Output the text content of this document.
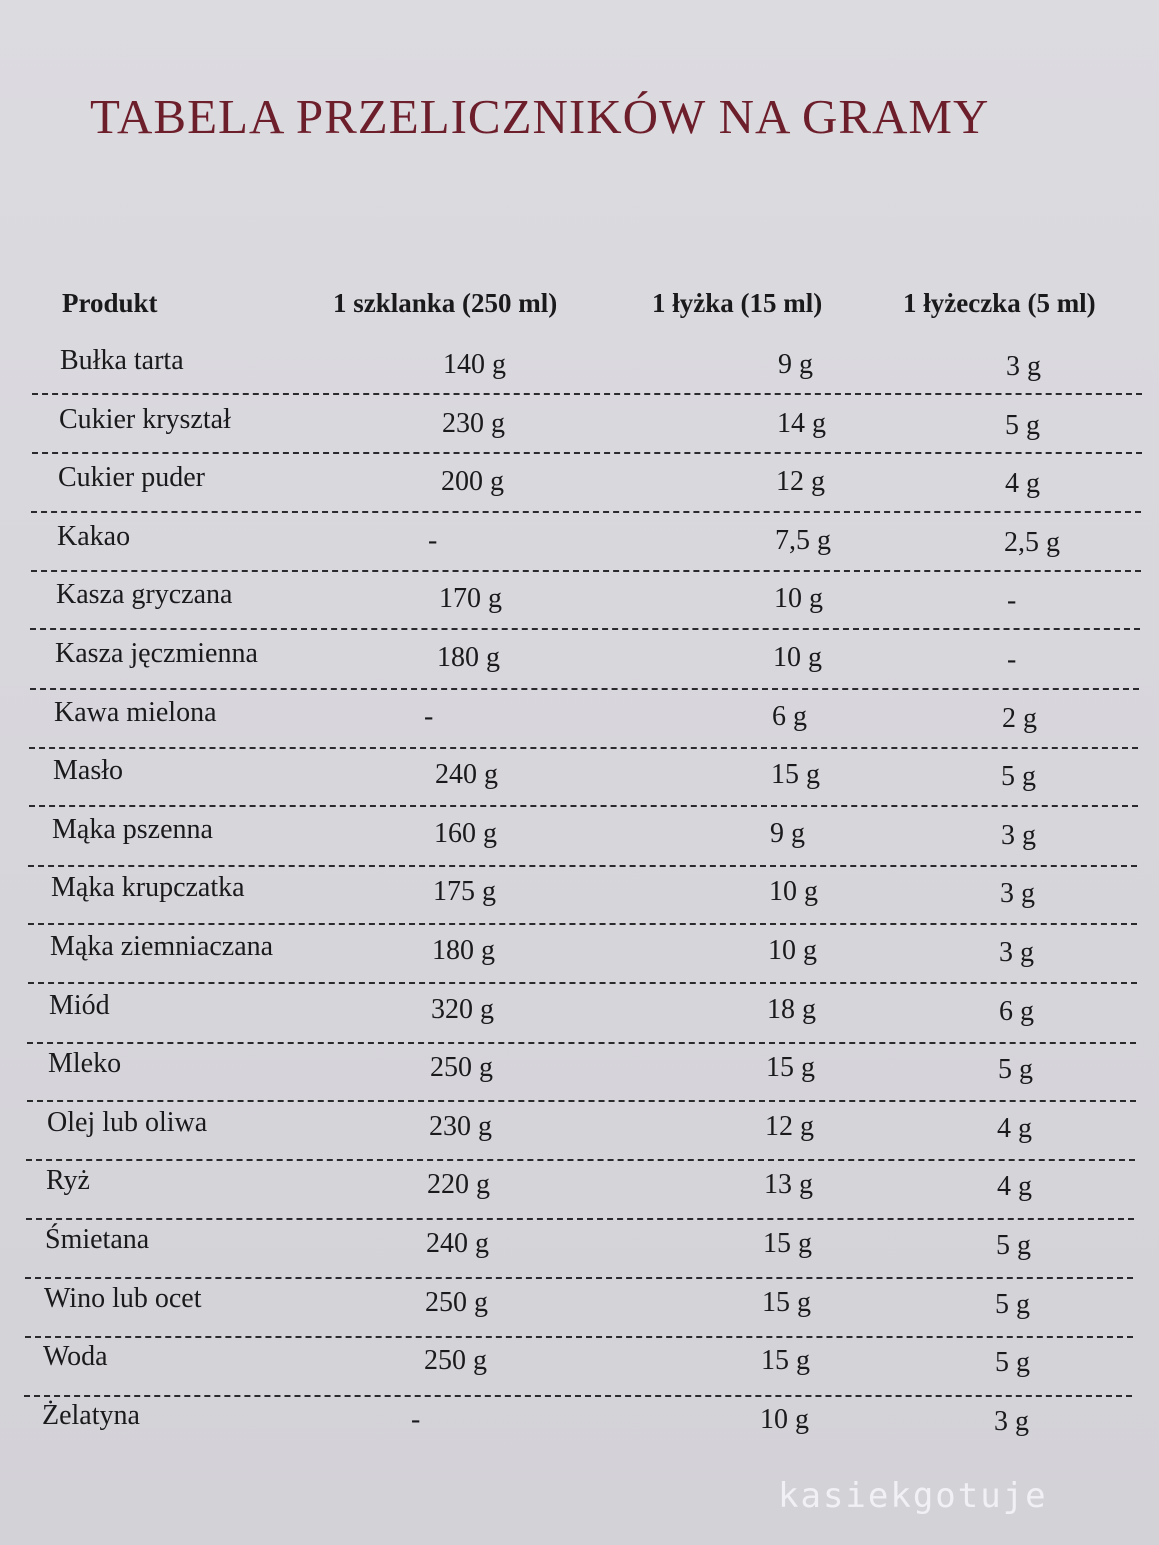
TABELA PRZELICZNIKÓW NA GRAMY
Produkt	1 szklanka (250 ml)	1 łyżka (15 ml)	1 łyżeczka (5 ml)
Bułka tarta	140 g	9 g	3 g
Cukier kryształ	230 g	14 g	5 g
Cukier puder	200 g	12 g	4 g
Kakao	-	7,5 g	2,5 g
Kasza gryczana	170 g	10 g	-
Kasza jęczmienna	180 g	10 g	-
Kawa mielona	-	6 g	2 g
Masło	240 g	15 g	5 g
Mąka pszenna	160 g	9 g	3 g
Mąka krupczatka	175 g	10 g	3 g
Mąka ziemniaczana	180 g	10 g	3 g
Miód	320 g	18 g	6 g
Mleko	250 g	15 g	5 g
Olej lub oliwa	230 g	12 g	4 g
Ryż	220 g	13 g	4 g
Śmietana	240 g	15 g	5 g
Wino lub ocet	250 g	15 g	5 g
Woda	250 g	15 g	5 g
Żelatyna	-	10 g	3 g
kasiekgotuje
